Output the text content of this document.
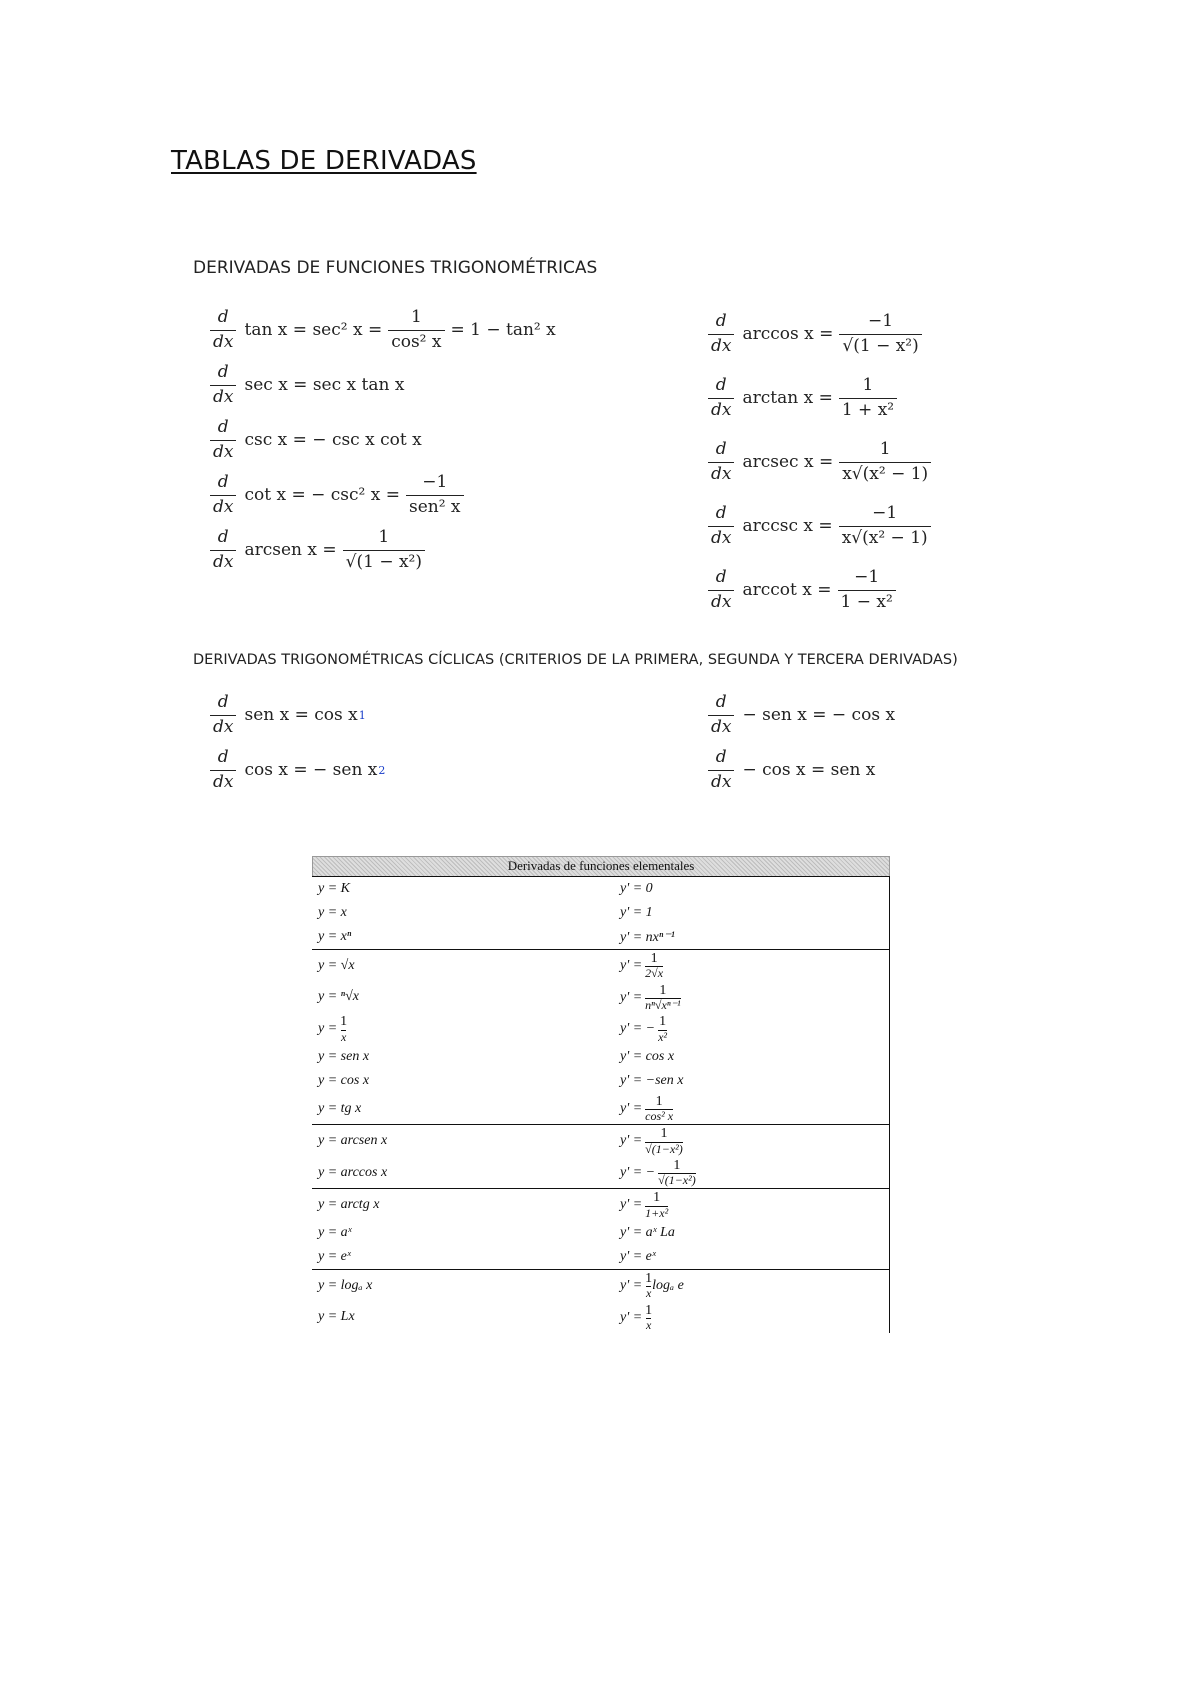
TABLAS DE DERIVADAS
DERIVADAS DE FUNCIONES TRIGONOMÉTRICAS
$\frac{d}{dx}$ tan x = sec² $x = \frac{1}{\text{cos² x}} = 1 - \tan^2$ x
$\frac{d}{dx}$ sec x = sec x tan x
$\frac{d}{dx}$ csc x = − csc x cot x
$\frac{d}{dx}$ cot x = − csc² $x = \frac{-1}{\text{sen² x}}$
$\frac{d}{dx}$ arcsen $x = \frac{1}{\text{√(1 − x²)}}$
$\frac{d}{dx}$ $\arccos x = \frac{-1}{\text{√(1 − x²)}}$
$\frac{d}{dx}$ $\arctan x = \frac{1}{\text{1 + x²}}$
$\frac{d}{dx}$ arcsec $x = \frac{1}{\text{x√(x² − 1)}}$
$\frac{d}{dx}$ arccsc $x = \frac{-1}{\text{x√(x² − 1)}}$
$\frac{d}{dx}$ arccot $x = \frac{-1}{\text{1 − x²}}$
DERIVADAS TRIGONOMÉTRICAS CÍCLICAS (CRITERIOS DE LA PRIMERA, SEGUNDA Y TERCERA DERIVADAS)
$\frac{d}{dx}$ sen x = cos x 1
$\frac{d}{dx}$ cos x = − sen x 2
$\frac{d}{dx}$ − sen x = − cos x
$\frac{d}{dx} - \cos x$ = sen x
Derivadas de funciones elementales
y = K	y' = 0
y = x	y' = 1
y = xⁿ	y' = nxⁿ⁻¹
y = √x	$y' = \frac{1}{2√x}$

y = ⁿ√x	$y' = \frac{1}{\text{nⁿ√xⁿ⁻¹}}$

$y = \frac{1}{x}$	y' = − $\frac{1}{\text{x²}}$

y = sen x	y' = cos x
y = cos x	y' = −sen x
y = tg x	$y' = \frac{1}{\text{cos² x}}$

y = arcsen x	$y' = \frac{1}{\text{√(1−x²)}}$

y = arccos x	y' = − $\frac{1}{\text{√(1−x²)}}$

y = arctg x	$y' = \frac{1}{\text{1+x²}}$

y = aˣ	y' = aˣ La
y = eˣ	y' = eˣ
y = logₐ x	$y' = \frac{1}{x}$ logₐ e
y = Lx	$y' = \frac{1}{x}$
